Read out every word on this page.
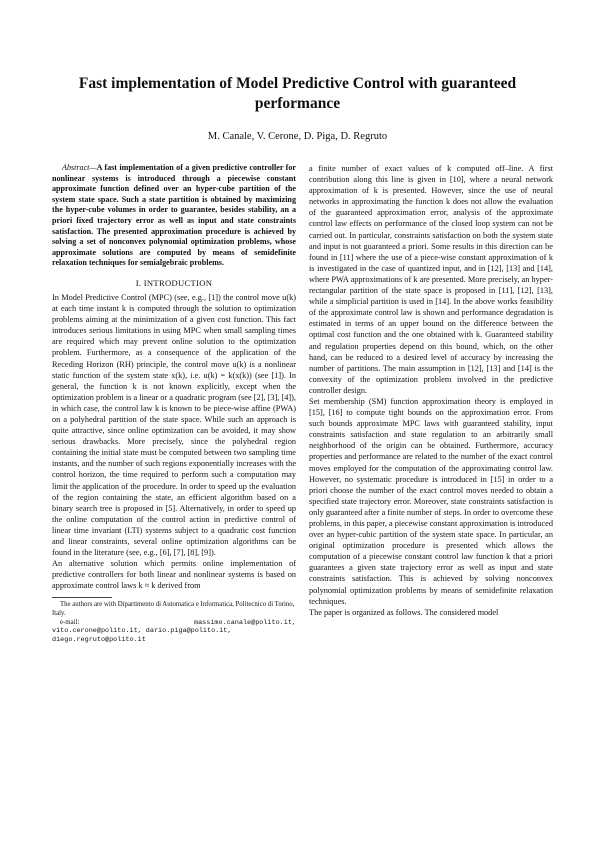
Fast implementation of Model Predictive Control with guaranteed performance
M. Canale, V. Cerone, D. Piga, D. Regruto

Abstract—A fast implementation of a given predictive controller for nonlinear systems is introduced through a piecewise constant approximate function defined over an hyper-cube partition of the system state space. Such a state partition is obtained by maximizing the hyper-cube volumes in order to guarantee, besides stability, an a priori fixed trajectory error as well as input and state constraints satisfaction. The presented approximation procedure is achieved by solving a set of nonconvex polynomial optimization problems, whose approximate solutions are computed by means of semidefinite relaxation techniques for semialgebraic problems.

I. INTRODUCTION

In Model Predictive Control (MPC) (see, e.g., [1]) the control move u(k) at each time instant k is computed through the solution to optimization problems aiming at the minimization of a given cost function. This fact introduces serious limitations in using MPC when small sampling times are required which may prevent online solution to the optimization problem. Furthermore, as a consequence of the application of the Receding Horizon (RH) principle, the control move u(k) is a nonlinear static function of the system state x(k), i.e. u(k) = k(x(k)) (see [1]). In general, the function k is not known explicitly, except when the optimization problem is a linear or a quadratic program (see [2], [3], [4]), in which case, the control law k is known to be piece-wise affine (PWA) on a polyhedral partition of the state space. While such an approach is quite attractive, since online optimization can be avoided, it may show serious drawbacks. More precisely, since the polyhedral region containing the initial state must be computed between two sampling time instants, and the number of such regions exponentially increases with the control horizon, the time required to perform such a computation may limit the application of the procedure. In order to speed up the evaluation of the region containing the state, an efficient algorithm based on a binary search tree is proposed in [5]. Alternatively, in order to speed up the online computation of the control action in predictive control of linear time invariant (LTI) systems subject to a quadratic cost function and linear constraints, several online optimization algorithms can be found in the literature (see, e.g., [6], [7], [8], [9]).

An alternative solution which permits online implementation of predictive controllers for both linear and nonlinear systems is based on approximate control laws k ≈ k derived from

The authors are with Dipartimento di Automatica e Informatica, Politecnico di Torino, Italy.

e-mail:	massimo.canale@polito.it,

vito.cerone@polito.it, dario.piga@polito.it,

diego.regruto@polito.it

a finite number of exact values of k computed off–line. A first contribution along this line is given in [10], where a neural network approximation of k is presented. However, since the use of neural networks in approximating the function k does not allow the evaluation of the guaranteed approximation error, analysis of the approximate control law effects on performance of the closed loop system can not be carried out. In particular, constraints satisfaction on both the system state and input is not guaranteed a priori. Some results in this direction can be found in [11] where the use of a piece-wise constant approximation of k is investigated in the case of quantized input, and in [12], [13] and [14], where PWA approximations of k are presented. More precisely, an hyper-rectangular partition of the state space is proposed in [11], [12], [13], while a simplicial partition is used in [14]. In the above works feasibility of the approximate control law is shown and performance degradation is estimated in terms of an upper bound on the difference between the optimal cost function and the one obtained with k. Guaranteed stability and regulation properties depend on this bound, which, on the other hand, can be reduced to a desired level of accuracy by increasing the number of partitions. The main assumption in [12], [13] and [14] is the convexity of the optimization problem involved in the predictive controller design.

Set membership (SM) function approximation theory is employed in [15], [16] to compute tight bounds on the approximation error. From such bounds approximate MPC laws with guaranteed stability, input constraints satisfaction and state regulation to an arbitrarily small neighborhood of the origin can be obtained. Furthermore, accuracy properties and performance are related to the number of the exact control moves employed for the computation of the approximating control law. However, no systematic procedure is introduced in [15] in order to a priori choose the number of the exact control moves needed to obtain a specified state trajectory error. Moreover, state constraints satisfaction is only guaranteed after a finite number of steps. In order to overcome these problems, in this paper, a piecewise constant approximation is introduced over an hyper-cubic partition of the system state space. In particular, an original optimization procedure is presented which allows the computation of a piecewise constant control law function k that a priori guarantees a given state trajectory error as well as input and state constraints satisfaction. This is achieved by solving nonconvex polynomial optimization problems by means of semidefinite relaxation techniques.

The paper is organized as follows. The considered model
